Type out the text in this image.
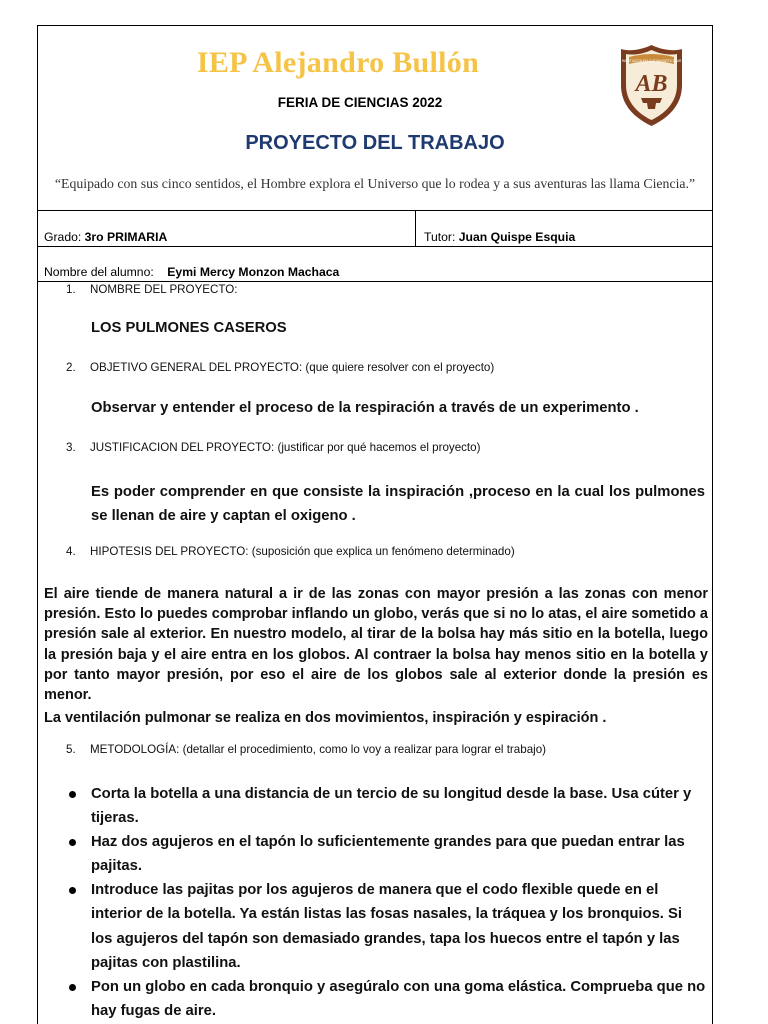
IEP Alejandro Bullón
FERIA DE CIENCIAS 2022
INSTITUCIÓN EDUCATIVA PARTICULAR
AB
PROYECTO DEL TRABAJO
“Equipado con sus cinco sentidos, el Hombre explora el Universo que lo rodea y a sus aventuras las llama Ciencia.”
Grado: 3ro PRIMARIA	Tutor: Juan Quispe Esquia
Nombre del alumno: Eymi Mercy Monzon Machaca
1. NOMBRE DEL PROYECTO:
LOS PULMONES CASEROS
2. OBJETIVO GENERAL DEL PROYECTO: (que quiere resolver con el proyecto)
Observar y entender el proceso de la respiración a través de un experimento .
3. JUSTIFICACION DEL PROYECTO: (justificar por qué hacemos el proyecto)
Es poder comprender en que consiste la inspiración ,proceso en la cual los pulmones se llenan de aire y captan el oxigeno .
4. HIPOTESIS DEL PROYECTO: (suposición que explica un fenómeno determinado)
El aire tiende de manera natural a ir de las zonas con mayor presión a las zonas con menor presión. Esto lo puedes comprobar inflando un globo, verás que si no lo atas, el aire sometido a presión sale al exterior. En nuestro modelo, al tirar de la bolsa hay más sitio en la botella, luego la presión baja y el aire entra en los globos. Al contraer la bolsa hay menos sitio en la botella y por tanto mayor presión, por eso el aire de los globos sale al exterior donde la presión es menor.
La ventilación pulmonar se realiza en dos movimientos, inspiración y espiración .
5. METODOLOGÍA: (detallar el procedimiento, como lo voy a realizar para lograr el trabajo)
Corta la botella a una distancia de un tercio de su longitud desde la base. Usa cúter y tijeras.
Haz dos agujeros en el tapón lo suficientemente grandes para que puedan entrar las pajitas.
Introduce las pajitas por los agujeros de manera que el codo flexible quede en el interior de la botella. Ya están listas las fosas nasales, la tráquea y los bronquios. Si los agujeros del tapón son demasiado grandes, tapa los huecos entre el tapón y las pajitas con plastilina.
Pon un globo en cada bronquio y asegúralo con una goma elástica. Comprueba que no hay fugas de aire.
